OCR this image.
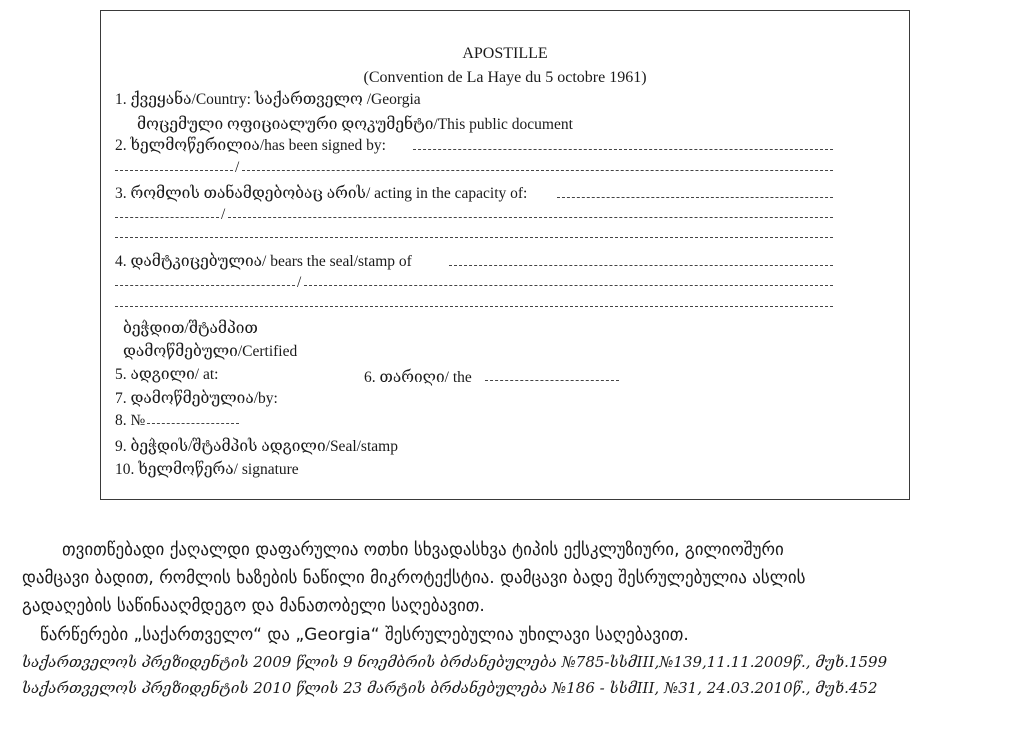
APOSTILLE
(Convention de La Haye du 5 octobre 1961)
1. ქვეყანა/Country: საქართველო /Georgia
მოცემული ოფიციალური დოკუმენტი/This public document
2. ხელმოწერილია/has been signed by:
/
3. რომლის თანამდებობაც არის/ acting in the capacity of:
/
4. დამტკიცებულია/ bears the seal/stamp of
/
ბეჭდით/შტამპით
დამოწმებული/Certified
5. ადგილი/ at:	6. თარიღი/ the
7. დამოწმებულია/by:
8. №
9. ბეჭდის/შტამპის ადგილი/Seal/stamp
10. ხელმოწერა/ signature
თვითწებადი ქაღალდი დაფარულია ოთხი სხვადასხვა ტიპის ექსკლუზიური, გილიოშური
დამცავი ბადით, რომლის ხაზების ნაწილი მიკროტექსტია. დამცავი ბადე შესრულებულია ასლის
გადაღების საწინააღმდეგო და მანათობელი საღებავით.
წარწერები „საქართველო“ და „Georgia“ შესრულებულია უხილავი საღებავით.
საქართველოს პრეზიდენტის 2009 წლის 9 ნოემბრის ბრძანებულება №785-სსმIII,№139,11.11.2009წ., მუხ.1599
საქართველოს პრეზიდენტის 2010 წლის 23 მარტის ბრძანებულება №186 - სსმIII, №31, 24.03.2010წ., მუხ.452
